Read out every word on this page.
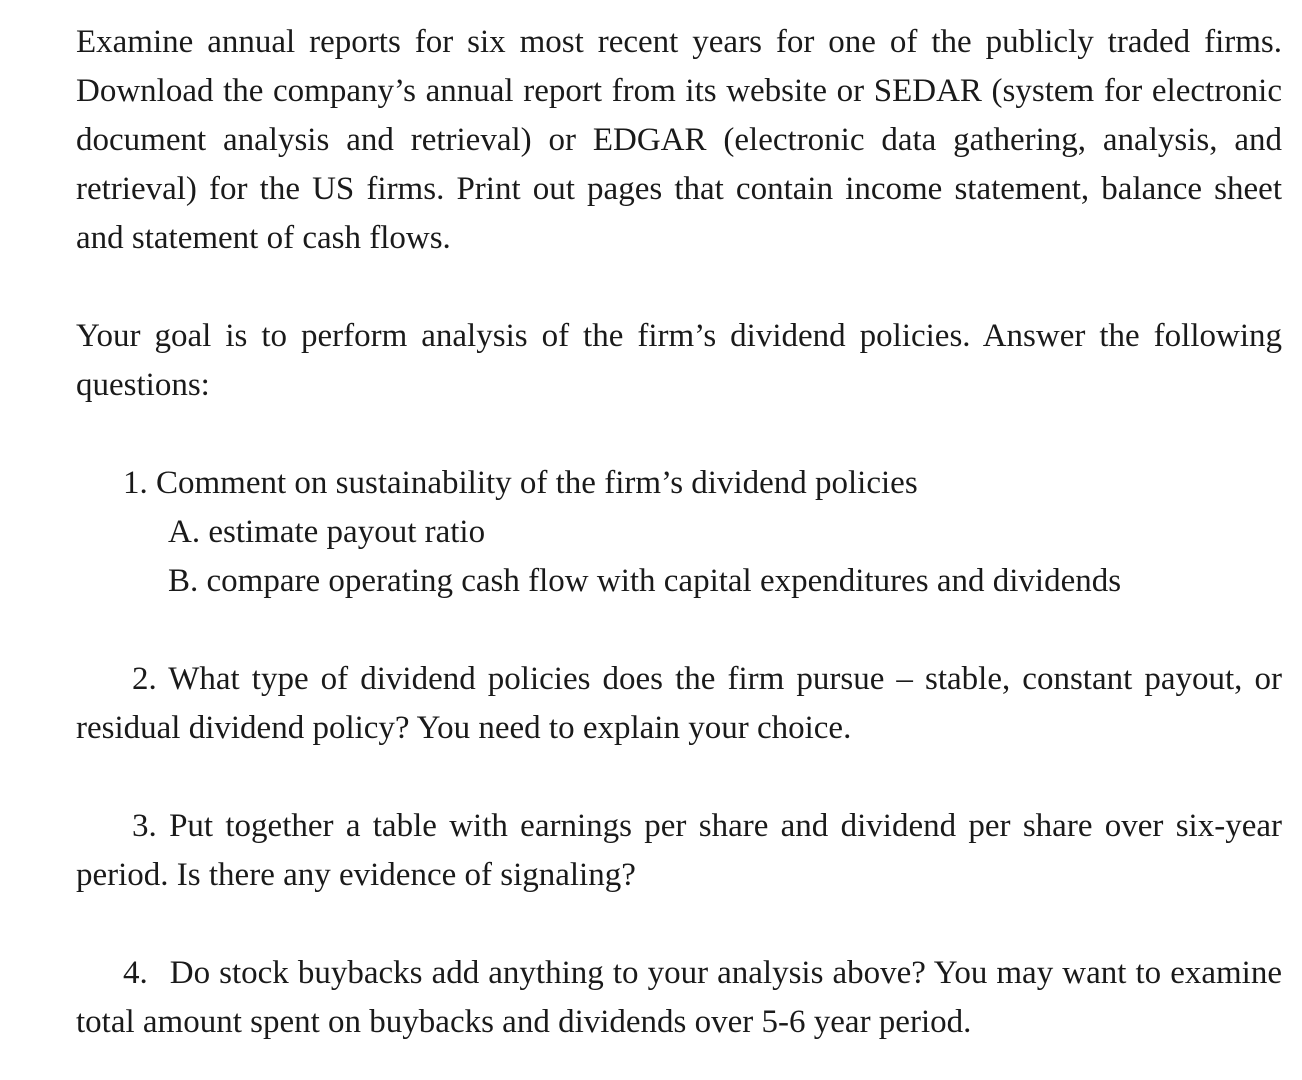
Examine annual reports for six most recent years for one of the publicly traded firms. Download the company’s annual report from its website or SEDAR (system for electronic document analysis and retrieval) or EDGAR (electronic data gathering, analysis, and retrieval) for the US firms. Print out pages that contain income statement, balance sheet and statement of cash flows.

Your goal is to perform analysis of the firm’s dividend policies. Answer the following questions:

1. Comment on sustainability of the firm’s dividend policies

A. estimate payout ratio

B. compare operating cash flow with capital expenditures and dividends

2. What type of dividend policies does the firm pursue – stable, constant payout, or residual dividend policy? You need to explain your choice.

3. Put together a table with earnings per share and dividend per share over six-year period. Is there any evidence of signaling?

4. Do stock buybacks add anything to your analysis above? You may want to examine total amount spent on buybacks and dividends over 5-6 year period.
